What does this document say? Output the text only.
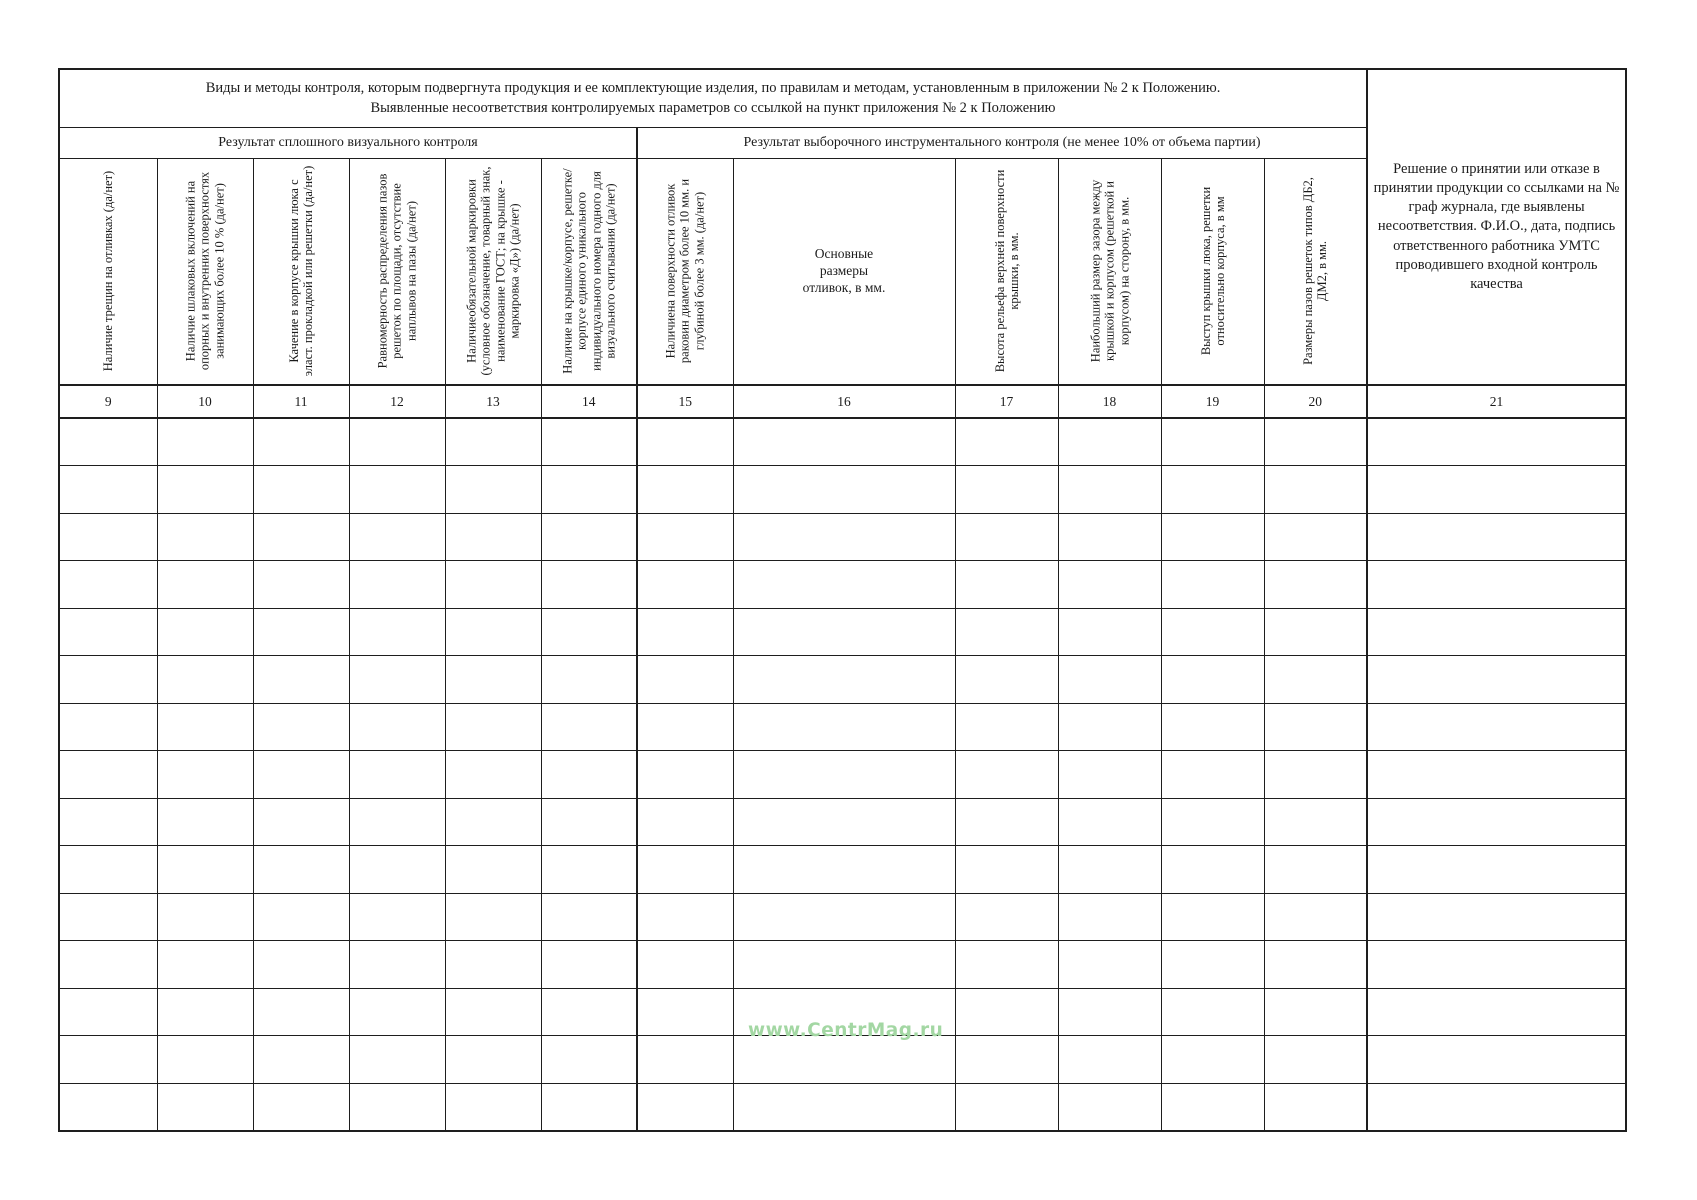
Виды и методы контроля, которым подвергнута продукция и ее комплектующие изделия, по правилам и методам, установленным в приложении № 2 к Положению.
Выявленные несоответствия контролируемых параметров со ссылкой на пункт приложения № 2 к Положению

Решение о принятии или отказе в принятии продукции со ссылками на № граф журнала, где выявлены несоответствия. Ф.И.О., дата, подпись ответственного работника УМТС проводившего входной контроль качества

Результат сплошного визуального контроля						Результат выборочного инструментального контроля (не менее 10% от объема партии)						

Наличие трещин на отливках (да/нет)	Наличие шлаковых включений на опорных и внутренних поверхностях занимающих более 10 % (да/нет)	Качение в корпусе крышки люка с эласт. прокладкой или решетки (да/нет)	Равномерность распределения пазов решеток по площади, отсутствие наплывов на пазы (да/нет)	Наличиеобязательной маркировки (условное обозначение, товарный знак, наименование ГОСТ; на крышке - маркировка «Д») (да/нет)	Наличие на крышке/корпусе, решетке/корпусе единого уникального индивидуального номера годного для визуального считывания (да/нет)	Наличиена поверхности отливок раковин диаметром более 10 мм. и глубиной более 3 мм. (да/нет)	Основные размеры отливок, в мм.	Высота рельефа верхней поверхности крышки, в мм.	Наибольший размер зазора между крышкой и корпусом (решеткой и корпусом) на сторону, в мм.	Выступ крышки люка, решетки относительно корпуса, в мм	Размеры пазов решеток типов ДБ2, ДМ2, в мм.	

9	10	11	12	13	14	15	16	17	18	19	20	21

www.CentrMag.ru
